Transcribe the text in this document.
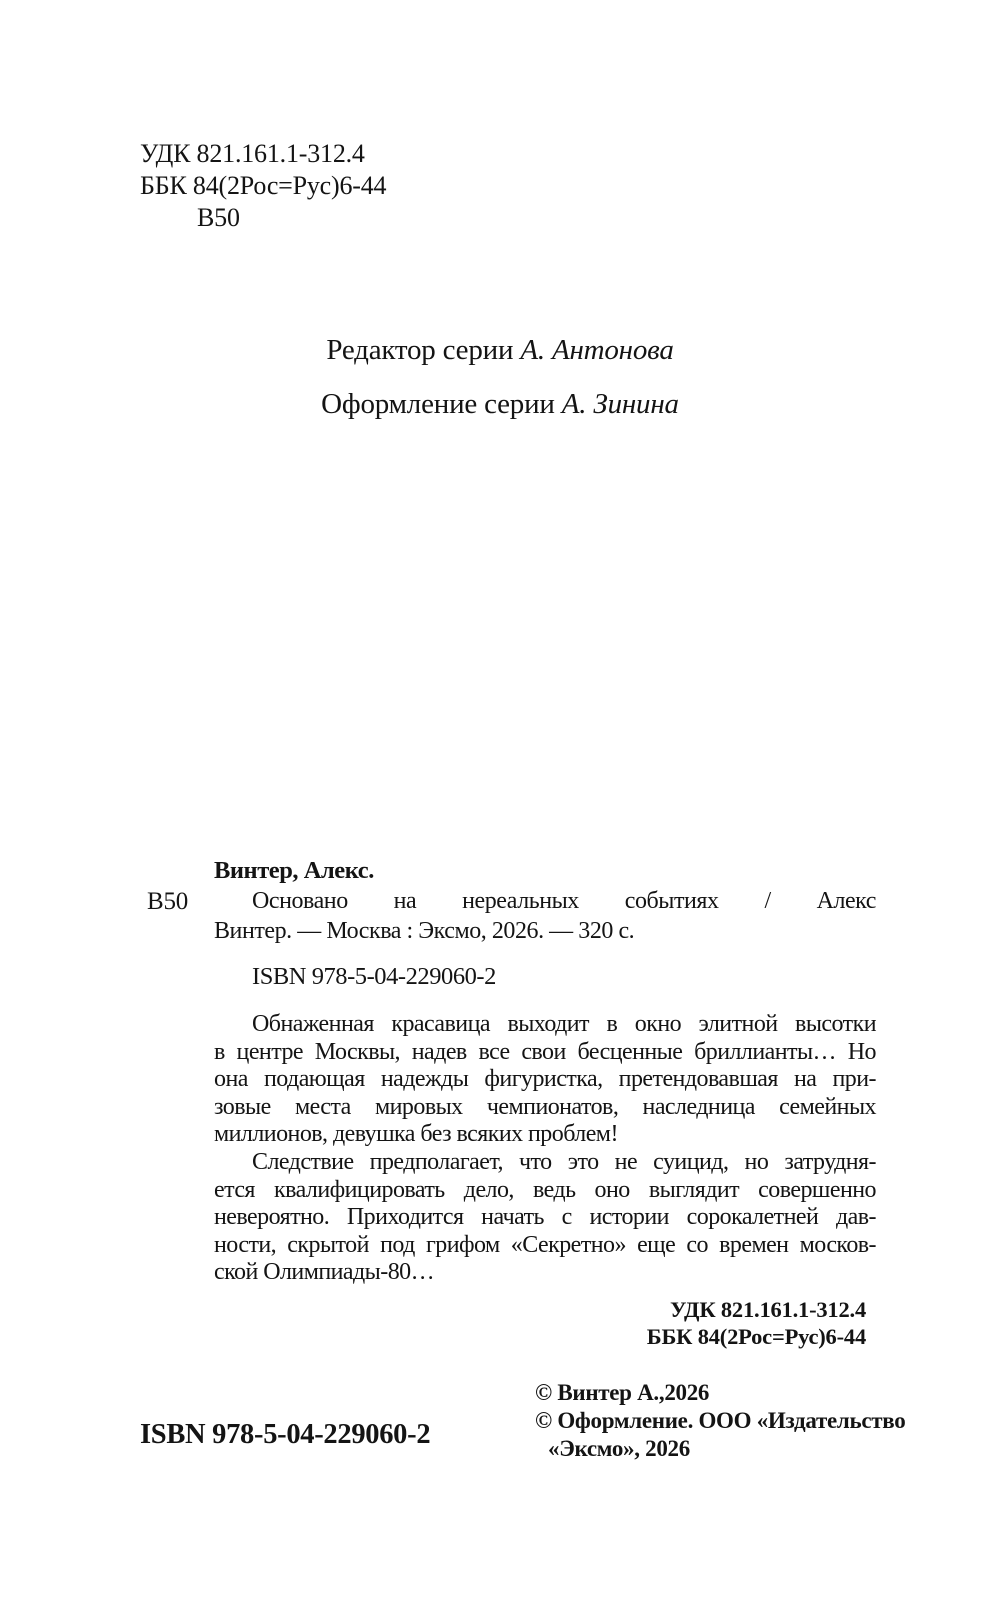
УДК 821.161.1-312.4
ББК 84(2Рос=Рус)6-44
В50
Редактор серии А. Антонова
Оформление серии А. Зинина
В50
Винтер, Алекс.
Основано на нереальных событиях / Алекс
Винтер. — Москва : Эксмо, 2026. — 320 с.
ISBN 978-5-04-229060-2
Обнаженная красавица выходит в окно элитной высотки
в центре Москвы, надев все свои бесценные бриллианты… Но
она подающая надежды фигуристка, претендовавшая на при-
зовые места мировых чемпионатов, наследница семейных
миллионов, девушка без всяких проблем!
Следствие предполагает, что это не суицид, но затрудня-
ется квалифицировать дело, ведь оно выглядит совершенно
невероятно. Приходится начать с истории сорокалетней дав-
ности, скрытой под грифом «Секретно» еще со времен москов-
ской Олимпиады-80…
УДК 821.161.1-312.4
ББК 84(2Рос=Рус)6-44
ISBN 978-5-04-229060-2
© Винтер А.,2026
© Оформление. ООО «Издательство
«Эксмо», 2026
